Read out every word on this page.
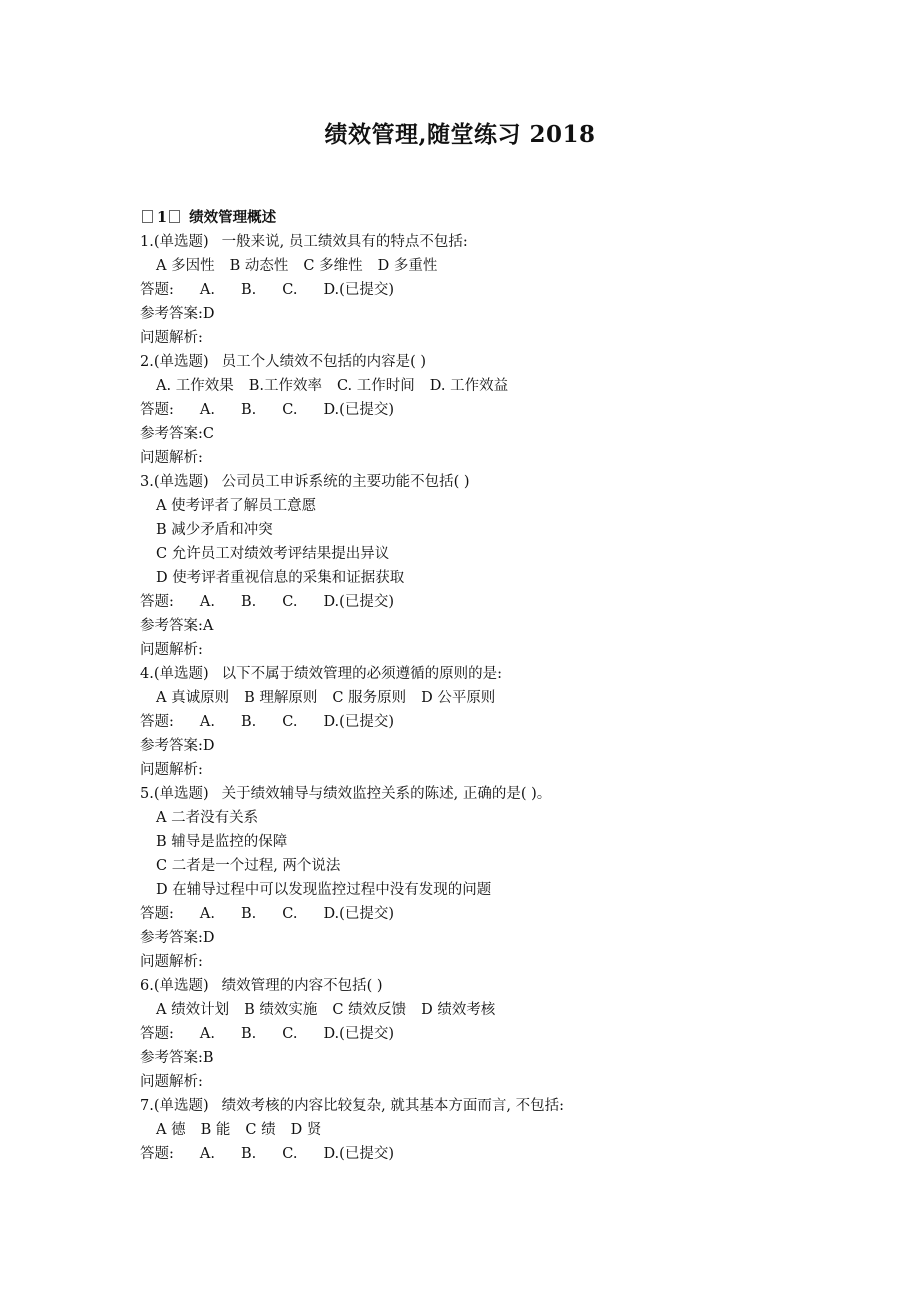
绩效管理,随堂练习 2018
1 绩效管理概述
1.(单选题) 一般来说, 员工绩效具有的特点不包括:
A 多因性 B 动态性 C 多维性 D 多重性
答题: A. B. C. D.(已提交)
参考答案:D
问题解析:
2.(单选题) 员工个人绩效不包括的内容是( )
A. 工作效果 B.工作效率 C. 工作时间 D. 工作效益
答题: A. B. C. D.(已提交)
参考答案:C
问题解析:
3.(单选题) 公司员工申诉系统的主要功能不包括( )
A 使考评者了解员工意愿
B 减少矛盾和冲突
C 允许员工对绩效考评结果提出异议
D 使考评者重视信息的采集和证据获取
答题: A. B. C. D.(已提交)
参考答案:A
问题解析:
4.(单选题) 以下不属于绩效管理的必须遵循的原则的是:
A 真诚原则 B 理解原则 C 服务原则 D 公平原则
答题: A. B. C. D.(已提交)
参考答案:D
问题解析:
5.(单选题) 关于绩效辅导与绩效监控关系的陈述, 正确的是( )。
A 二者没有关系
B 辅导是监控的保障
C 二者是一个过程, 两个说法
D 在辅导过程中可以发现监控过程中没有发现的问题
答题: A. B. C. D.(已提交)
参考答案:D
问题解析:
6.(单选题) 绩效管理的内容不包括( )
A 绩效计划 B 绩效实施 C 绩效反馈 D 绩效考核
答题: A. B. C. D.(已提交)
参考答案:B
问题解析:
7.(单选题) 绩效考核的内容比较复杂, 就其基本方面而言, 不包括:
A 德 B 能 C 绩 D 贤
答题: A. B. C. D.(已提交)
